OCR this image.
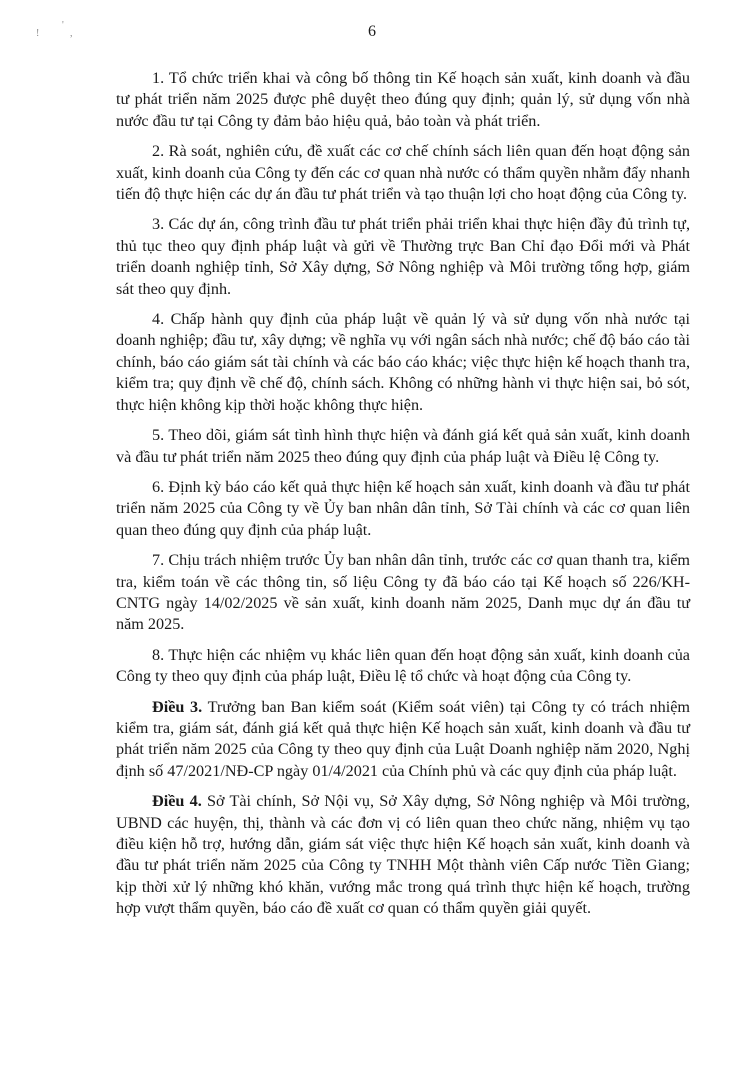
!
'
,	6

1. Tổ chức triển khai và công bố thông tin Kế hoạch sản xuất, kinh doanh và đầu tư phát triển năm 2025 được phê duyệt theo đúng quy định; quản lý, sử dụng vốn nhà nước đầu tư tại Công ty đảm bảo hiệu quả, bảo toàn và phát triển.

2. Rà soát, nghiên cứu, đề xuất các cơ chế chính sách liên quan đến hoạt động sản xuất, kinh doanh của Công ty đến các cơ quan nhà nước có thẩm quyền nhằm đẩy nhanh tiến độ thực hiện các dự án đầu tư phát triển và tạo thuận lợi cho hoạt động của Công ty.

3. Các dự án, công trình đầu tư phát triển phải triển khai thực hiện đầy đủ trình tự, thủ tục theo quy định pháp luật và gửi về Thường trực Ban Chỉ đạo Đổi mới và Phát triển doanh nghiệp tỉnh, Sở Xây dựng, Sở Nông nghiệp và Môi trường tổng hợp, giám sát theo quy định.

4. Chấp hành quy định của pháp luật về quản lý và sử dụng vốn nhà nước tại doanh nghiệp; đầu tư, xây dựng; về nghĩa vụ với ngân sách nhà nước; chế độ báo cáo tài chính, báo cáo giám sát tài chính và các báo cáo khác; việc thực hiện kế hoạch thanh tra, kiểm tra; quy định về chế độ, chính sách. Không có những hành vi thực hiện sai, bỏ sót, thực hiện không kịp thời hoặc không thực hiện.

5. Theo dõi, giám sát tình hình thực hiện và đánh giá kết quả sản xuất, kinh doanh và đầu tư phát triển năm 2025 theo đúng quy định của pháp luật và Điều lệ Công ty.

6. Định kỳ báo cáo kết quả thực hiện kế hoạch sản xuất, kinh doanh và đầu tư phát triển năm 2025 của Công ty về Ủy ban nhân dân tỉnh, Sở Tài chính và các cơ quan liên quan theo đúng quy định của pháp luật.

7. Chịu trách nhiệm trước Ủy ban nhân dân tỉnh, trước các cơ quan thanh tra, kiểm tra, kiểm toán về các thông tin, số liệu Công ty đã báo cáo tại Kế hoạch số 226/KH-CNTG ngày 14/02/2025 về sản xuất, kinh doanh năm 2025, Danh mục dự án đầu tư năm 2025.

8. Thực hiện các nhiệm vụ khác liên quan đến hoạt động sản xuất, kinh doanh của Công ty theo quy định của pháp luật, Điều lệ tổ chức và hoạt động của Công ty.

Điều 3. Trưởng ban Ban kiểm soát (Kiểm soát viên) tại Công ty có trách nhiệm kiểm tra, giám sát, đánh giá kết quả thực hiện Kế hoạch sản xuất, kinh doanh và đầu tư phát triển năm 2025 của Công ty theo quy định của Luật Doanh nghiệp năm 2020, Nghị định số 47/2021/NĐ-CP ngày 01/4/2021 của Chính phủ và các quy định của pháp luật.

Điều 4. Sở Tài chính, Sở Nội vụ, Sở Xây dựng, Sở Nông nghiệp và Môi trường, UBND các huyện, thị, thành và các đơn vị có liên quan theo chức năng, nhiệm vụ tạo điều kiện hỗ trợ, hướng dẫn, giám sát việc thực hiện Kế hoạch sản xuất, kinh doanh và đầu tư phát triển năm 2025 của Công ty TNHH Một thành viên Cấp nước Tiền Giang; kịp thời xử lý những khó khăn, vướng mắc trong quá trình thực hiện kế hoạch, trường hợp vượt thẩm quyền, báo cáo đề xuất cơ quan có thẩm quyền giải quyết.
